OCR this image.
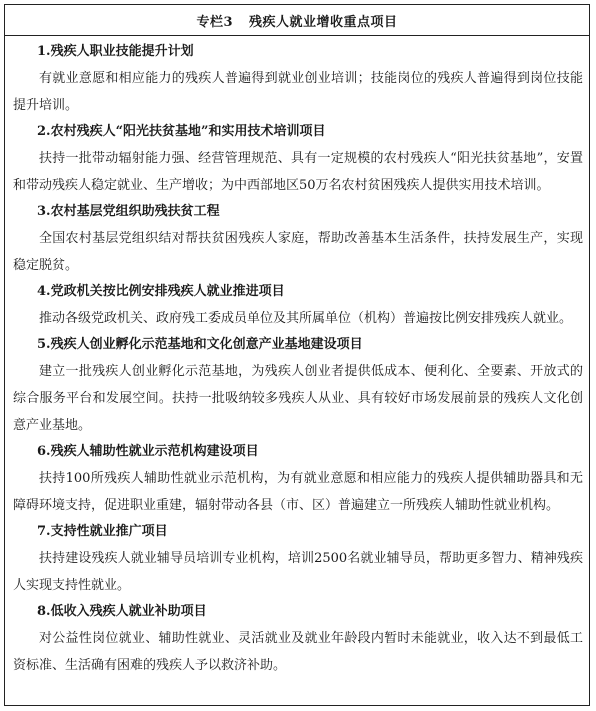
专栏3 残疾人就业增收重点项目
1.残疾人职业技能提升计划
有就业意愿和相应能力的残疾人普遍得到就业创业培训；技能岗位的残疾人普遍得到岗位技能提升培训。
2.农村残疾人“阳光扶贫基地”和实用技术培训项目
扶持一批带动辐射能力强、经营管理规范、具有一定规模的农村残疾人“阳光扶贫基地”，安置和带动残疾人稳定就业、生产增收；为中西部地区50万名农村贫困残疾人提供实用技术培训。
3.农村基层党组织助残扶贫工程
全国农村基层党组织结对帮扶贫困残疾人家庭，帮助改善基本生活条件，扶持发展生产，实现稳定脱贫。
4.党政机关按比例安排残疾人就业推进项目
推动各级党政机关、政府残工委成员单位及其所属单位（机构）普遍按比例安排残疾人就业。
5.残疾人创业孵化示范基地和文化创意产业基地建设项目
建立一批残疾人创业孵化示范基地，为残疾人创业者提供低成本、便利化、全要素、开放式的综合服务平台和发展空间。扶持一批吸纳较多残疾人从业、具有较好市场发展前景的残疾人文化创意产业基地。
6.残疾人辅助性就业示范机构建设项目
扶持100所残疾人辅助性就业示范机构，为有就业意愿和相应能力的残疾人提供辅助器具和无障碍环境支持，促进职业重建，辐射带动各县（市、区）普遍建立一所残疾人辅助性就业机构。
7.支持性就业推广项目
扶持建设残疾人就业辅导员培训专业机构，培训2500名就业辅导员，帮助更多智力、精神残疾人实现支持性就业。
8.低收入残疾人就业补助项目
对公益性岗位就业、辅助性就业、灵活就业及就业年龄段内暂时未能就业，收入达不到最低工资标准、生活确有困难的残疾人予以救济补助。
